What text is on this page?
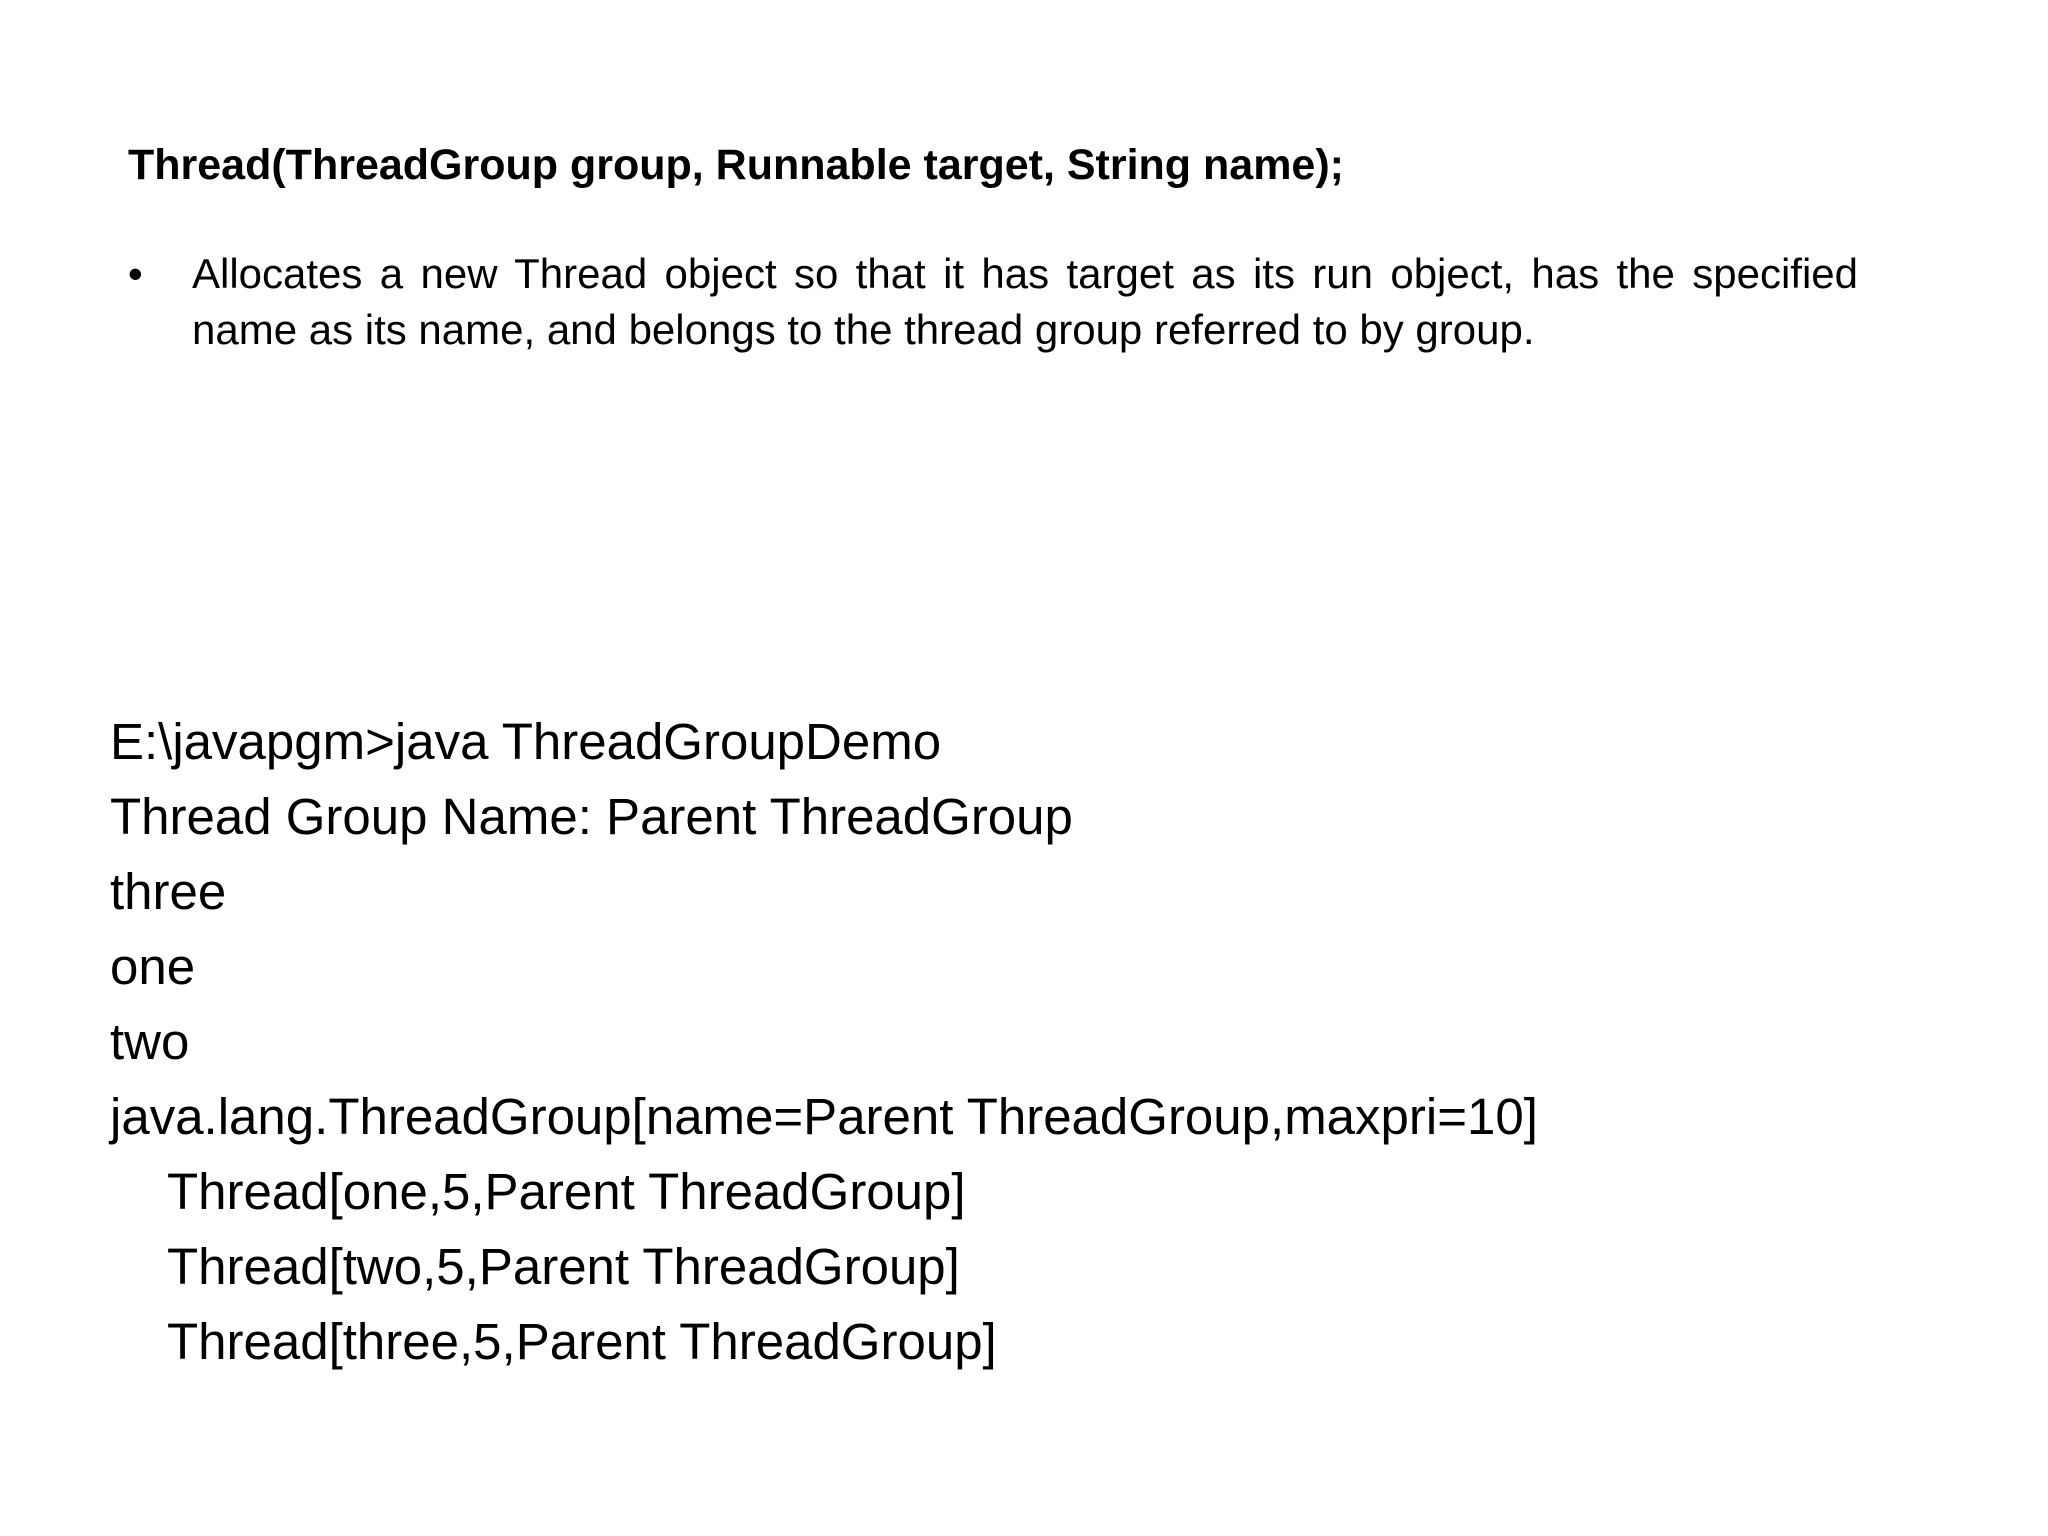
Thread(ThreadGroup group, Runnable target, String name);
•	Allocates a new Thread object so that it has target as its run object, has the specified name as its name, and belongs to the thread group referred to by group.
E:\javapgm>java ThreadGroupDemo
Thread Group Name: Parent ThreadGroup
three
one
two
java.lang.ThreadGroup[name=Parent ThreadGroup,maxpri=10]
Thread[one,5,Parent ThreadGroup]
Thread[two,5,Parent ThreadGroup]
Thread[three,5,Parent ThreadGroup]
